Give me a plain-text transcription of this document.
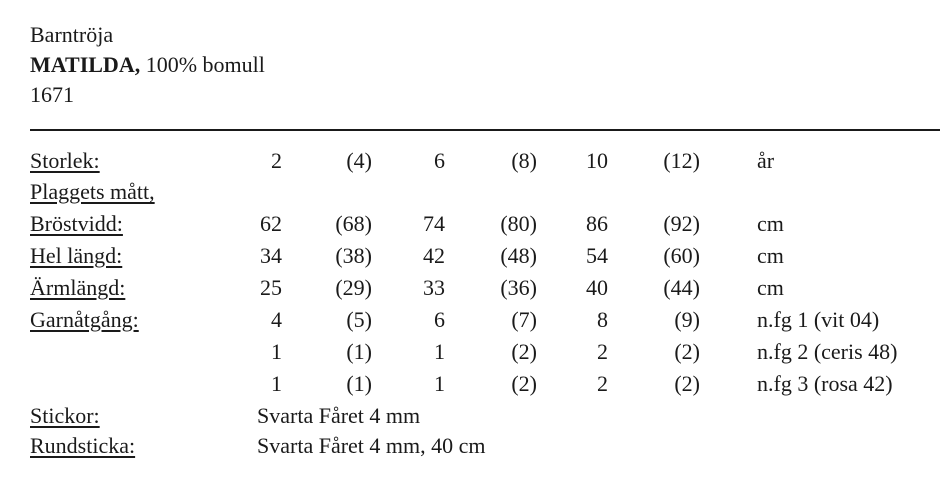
Barntröja
MATILDA, 100% bomull
1671
Storlek:	2	(4)	6	(8)	10	(12)	år
Plaggets mått,
Bröstvidd:	62	(68)	74	(80)	86	(92)	cm
Hel längd:	34	(38)	42	(48)	54	(60)	cm
Ärmlängd:	25	(29)	33	(36)	40	(44)	cm
Garnåtgång:	4	(5)	6	(7)	8	(9)	n.fg 1 (vit 04)
1	(1)	1	(2)	2	(2)	n.fg 2 (ceris 48)
1	(1)	1	(2)	2	(2)	n.fg 3 (rosa 42)
Stickor:	Svarta Fåret 4 mm
Rundsticka:	Svarta Fåret 4 mm, 40 cm
